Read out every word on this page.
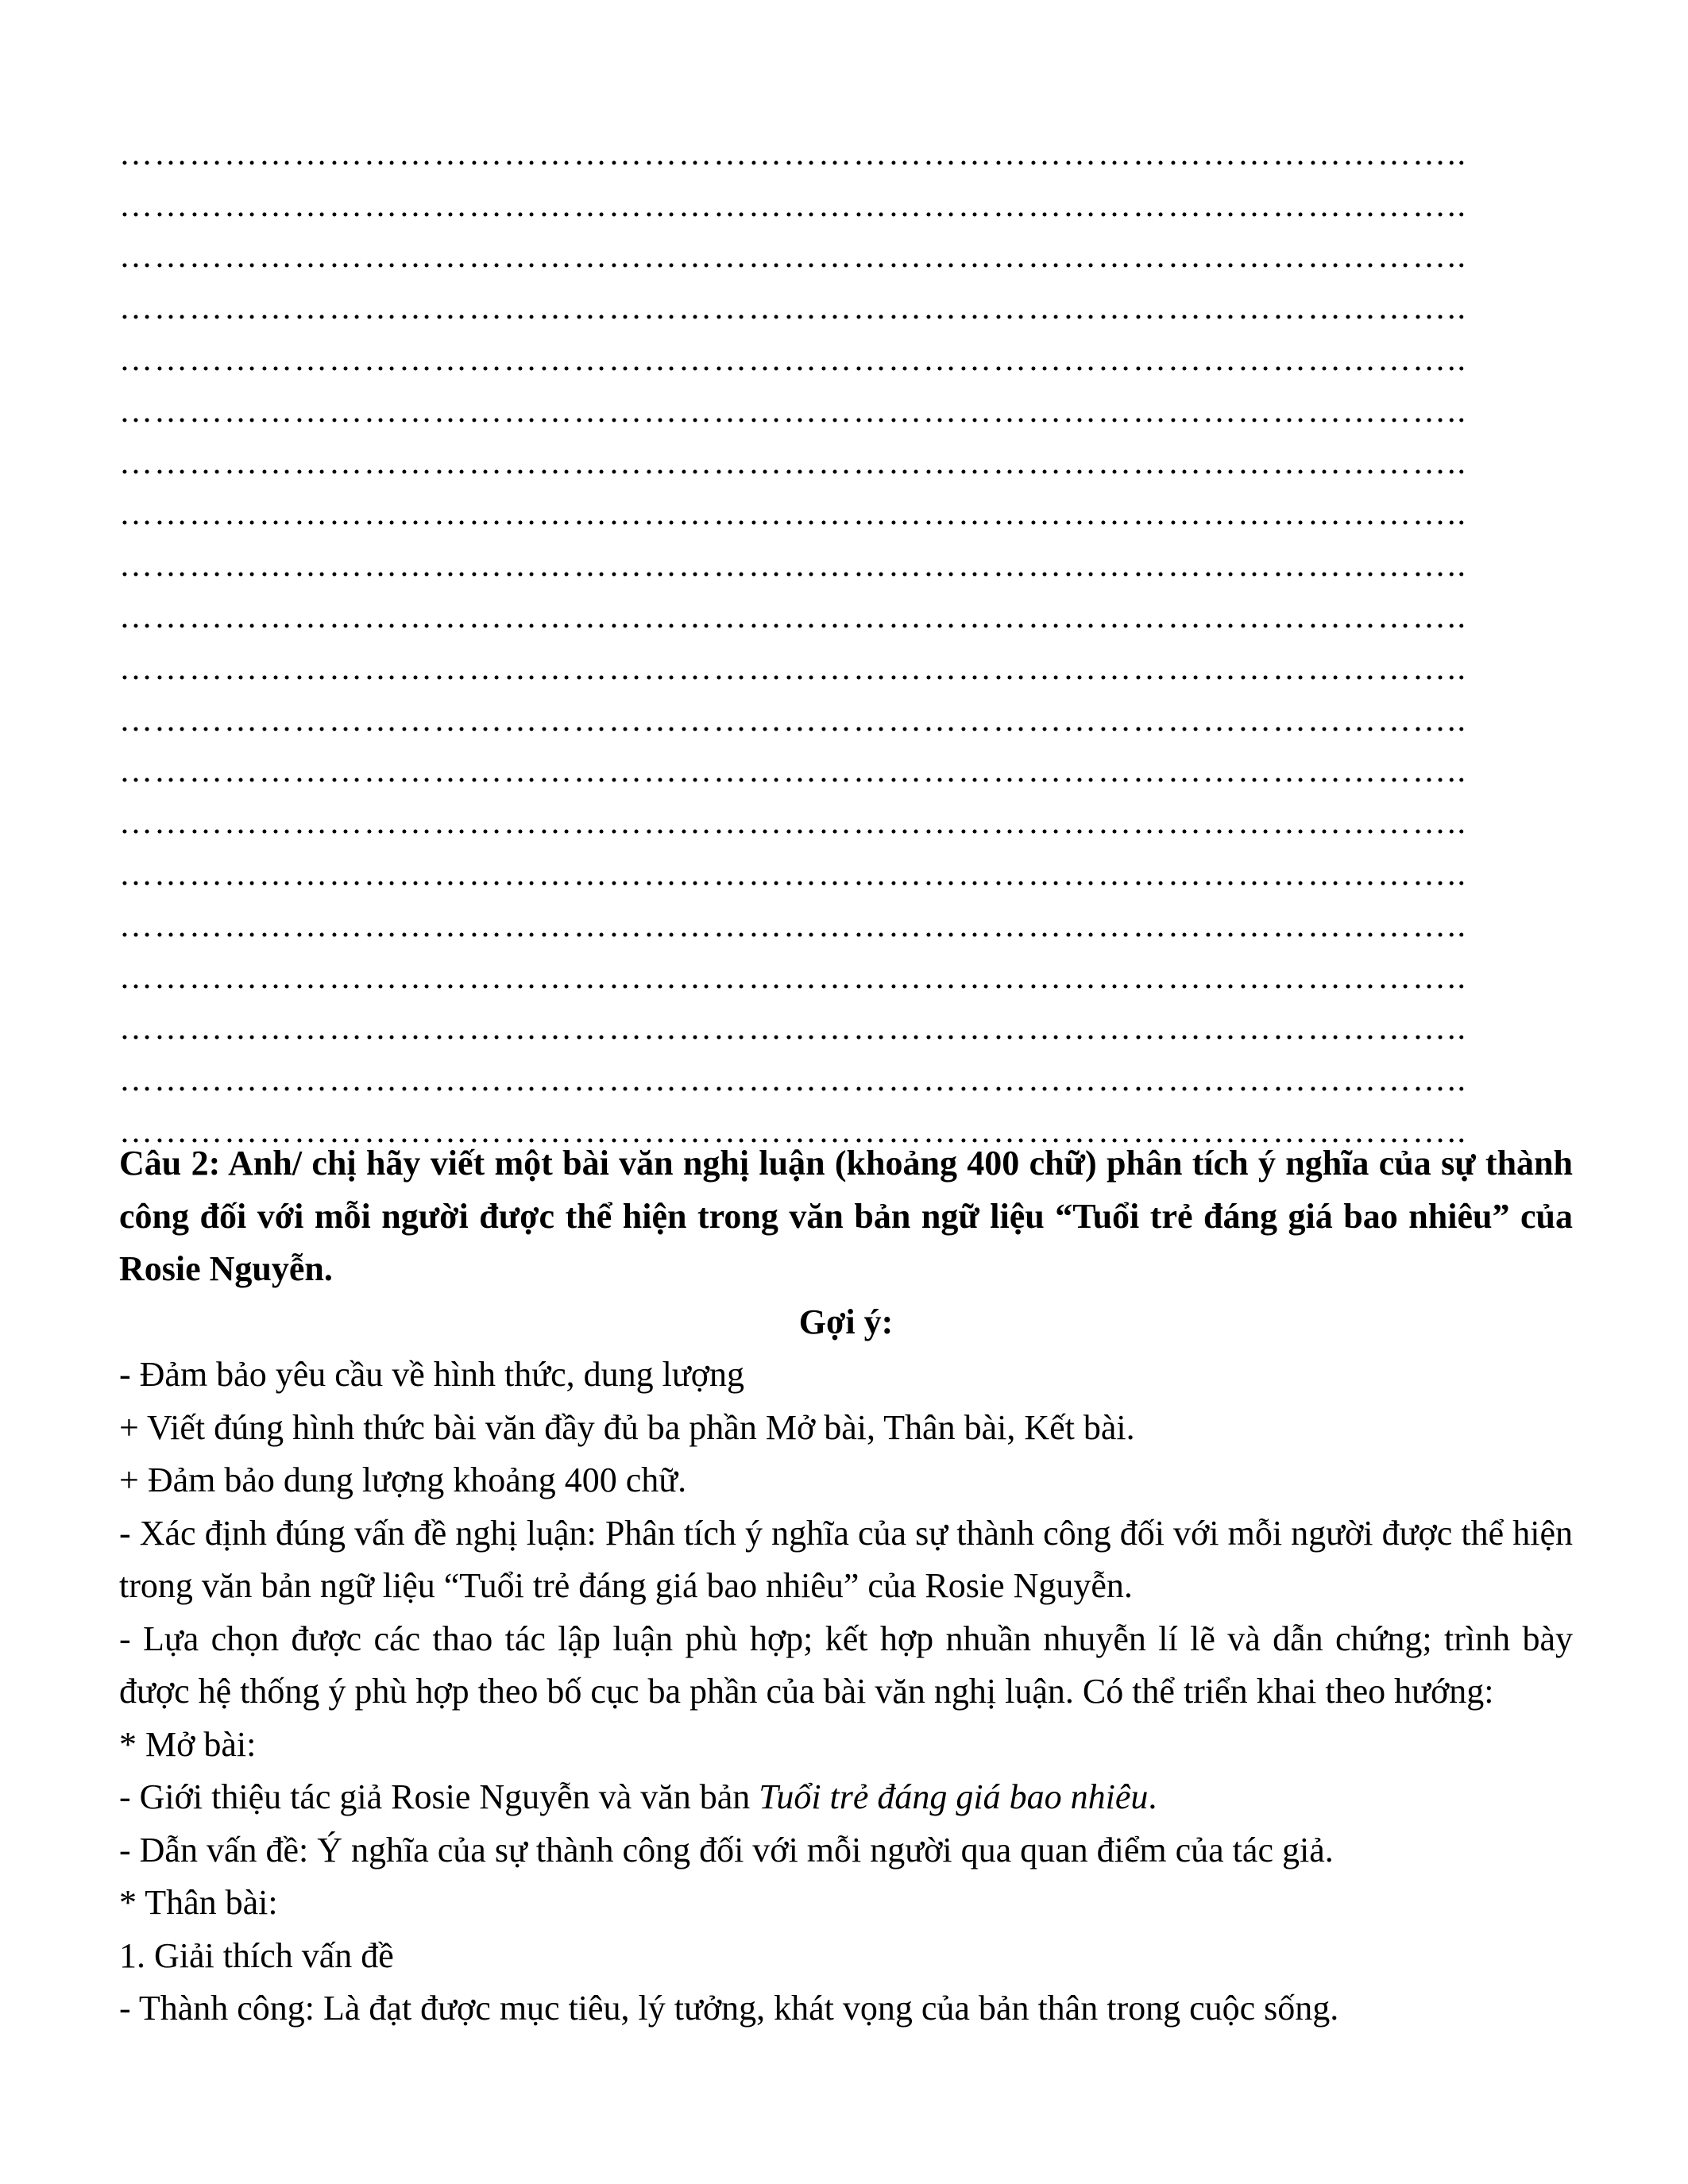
……………………………………………………………………………………………………..
……………………………………………………………………………………………………..
……………………………………………………………………………………………………..
……………………………………………………………………………………………………..
……………………………………………………………………………………………………..
……………………………………………………………………………………………………..
……………………………………………………………………………………………………..
……………………………………………………………………………………………………..
……………………………………………………………………………………………………..
……………………………………………………………………………………………………..
……………………………………………………………………………………………………..
……………………………………………………………………………………………………..
……………………………………………………………………………………………………..
……………………………………………………………………………………………………..
……………………………………………………………………………………………………..
……………………………………………………………………………………………………..
……………………………………………………………………………………………………..
……………………………………………………………………………………………………..
……………………………………………………………………………………………………..
……………………………………………………………………………………………………..

Câu 2: Anh/ chị hãy viết một bài văn nghị luận (khoảng 400 chữ) phân tích ý nghĩa của sự thành công đối với mỗi người được thể hiện trong văn bản ngữ liệu “Tuổi trẻ đáng giá bao nhiêu” của Rosie Nguyễn.

Gợi ý:

- Đảm bảo yêu cầu về hình thức, dung lượng

+ Viết đúng hình thức bài văn đầy đủ ba phần Mở bài, Thân bài, Kết bài.

+ Đảm bảo dung lượng khoảng 400 chữ.

- Xác định đúng vấn đề nghị luận: Phân tích ý nghĩa của sự thành công đối với mỗi người được thể hiện trong văn bản ngữ liệu “Tuổi trẻ đáng giá bao nhiêu” của Rosie Nguyễn.

- Lựa chọn được các thao tác lập luận phù hợp; kết hợp nhuần nhuyễn lí lẽ và dẫn chứng; trình bày được hệ thống ý phù hợp theo bố cục ba phần của bài văn nghị luận. Có thể triển khai theo hướng:

* Mở bài:

- Giới thiệu tác giả Rosie Nguyễn và văn bản Tuổi trẻ đáng giá bao nhiêu.

- Dẫn vấn đề: Ý nghĩa của sự thành công đối với mỗi người qua quan điểm của tác giả.

* Thân bài:

1. Giải thích vấn đề

- Thành công: Là đạt được mục tiêu, lý tưởng, khát vọng của bản thân trong cuộc sống.
